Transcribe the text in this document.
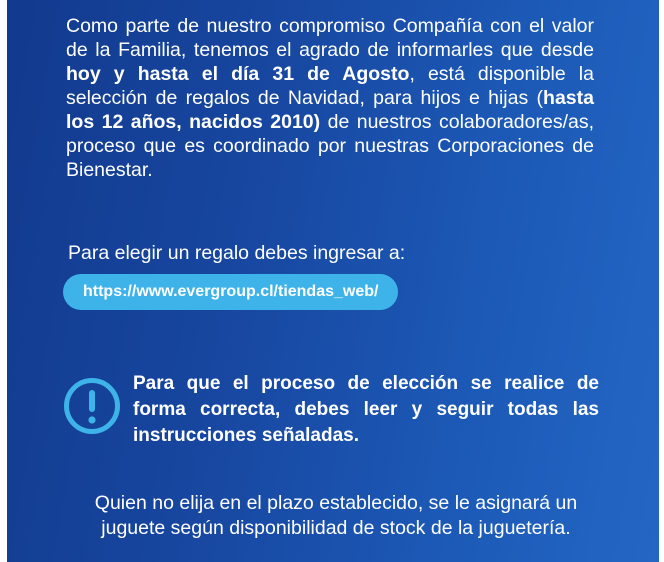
Como parte de nuestro compromiso Compañía con el valor de la Familia, tenemos el agrado de informarles que desde hoy y hasta el día 31 de Agosto, está disponible la selección de regalos de Navidad, para hijos e hijas (hasta los 12 años, nacidos 2010) de nuestros colaboradores/as, proceso que es coordinado por nuestras Corporaciones de Bienestar.

Para elegir un regalo debes ingresar a:
https://www.evergroup.cl/tiendas_web/
Para que el proceso de elección se realice de forma correcta, debes leer y seguir todas las instrucciones señaladas.
Quien no elija en el plazo establecido, se le asignará un juguete según disponibilidad de stock de la juguetería.
